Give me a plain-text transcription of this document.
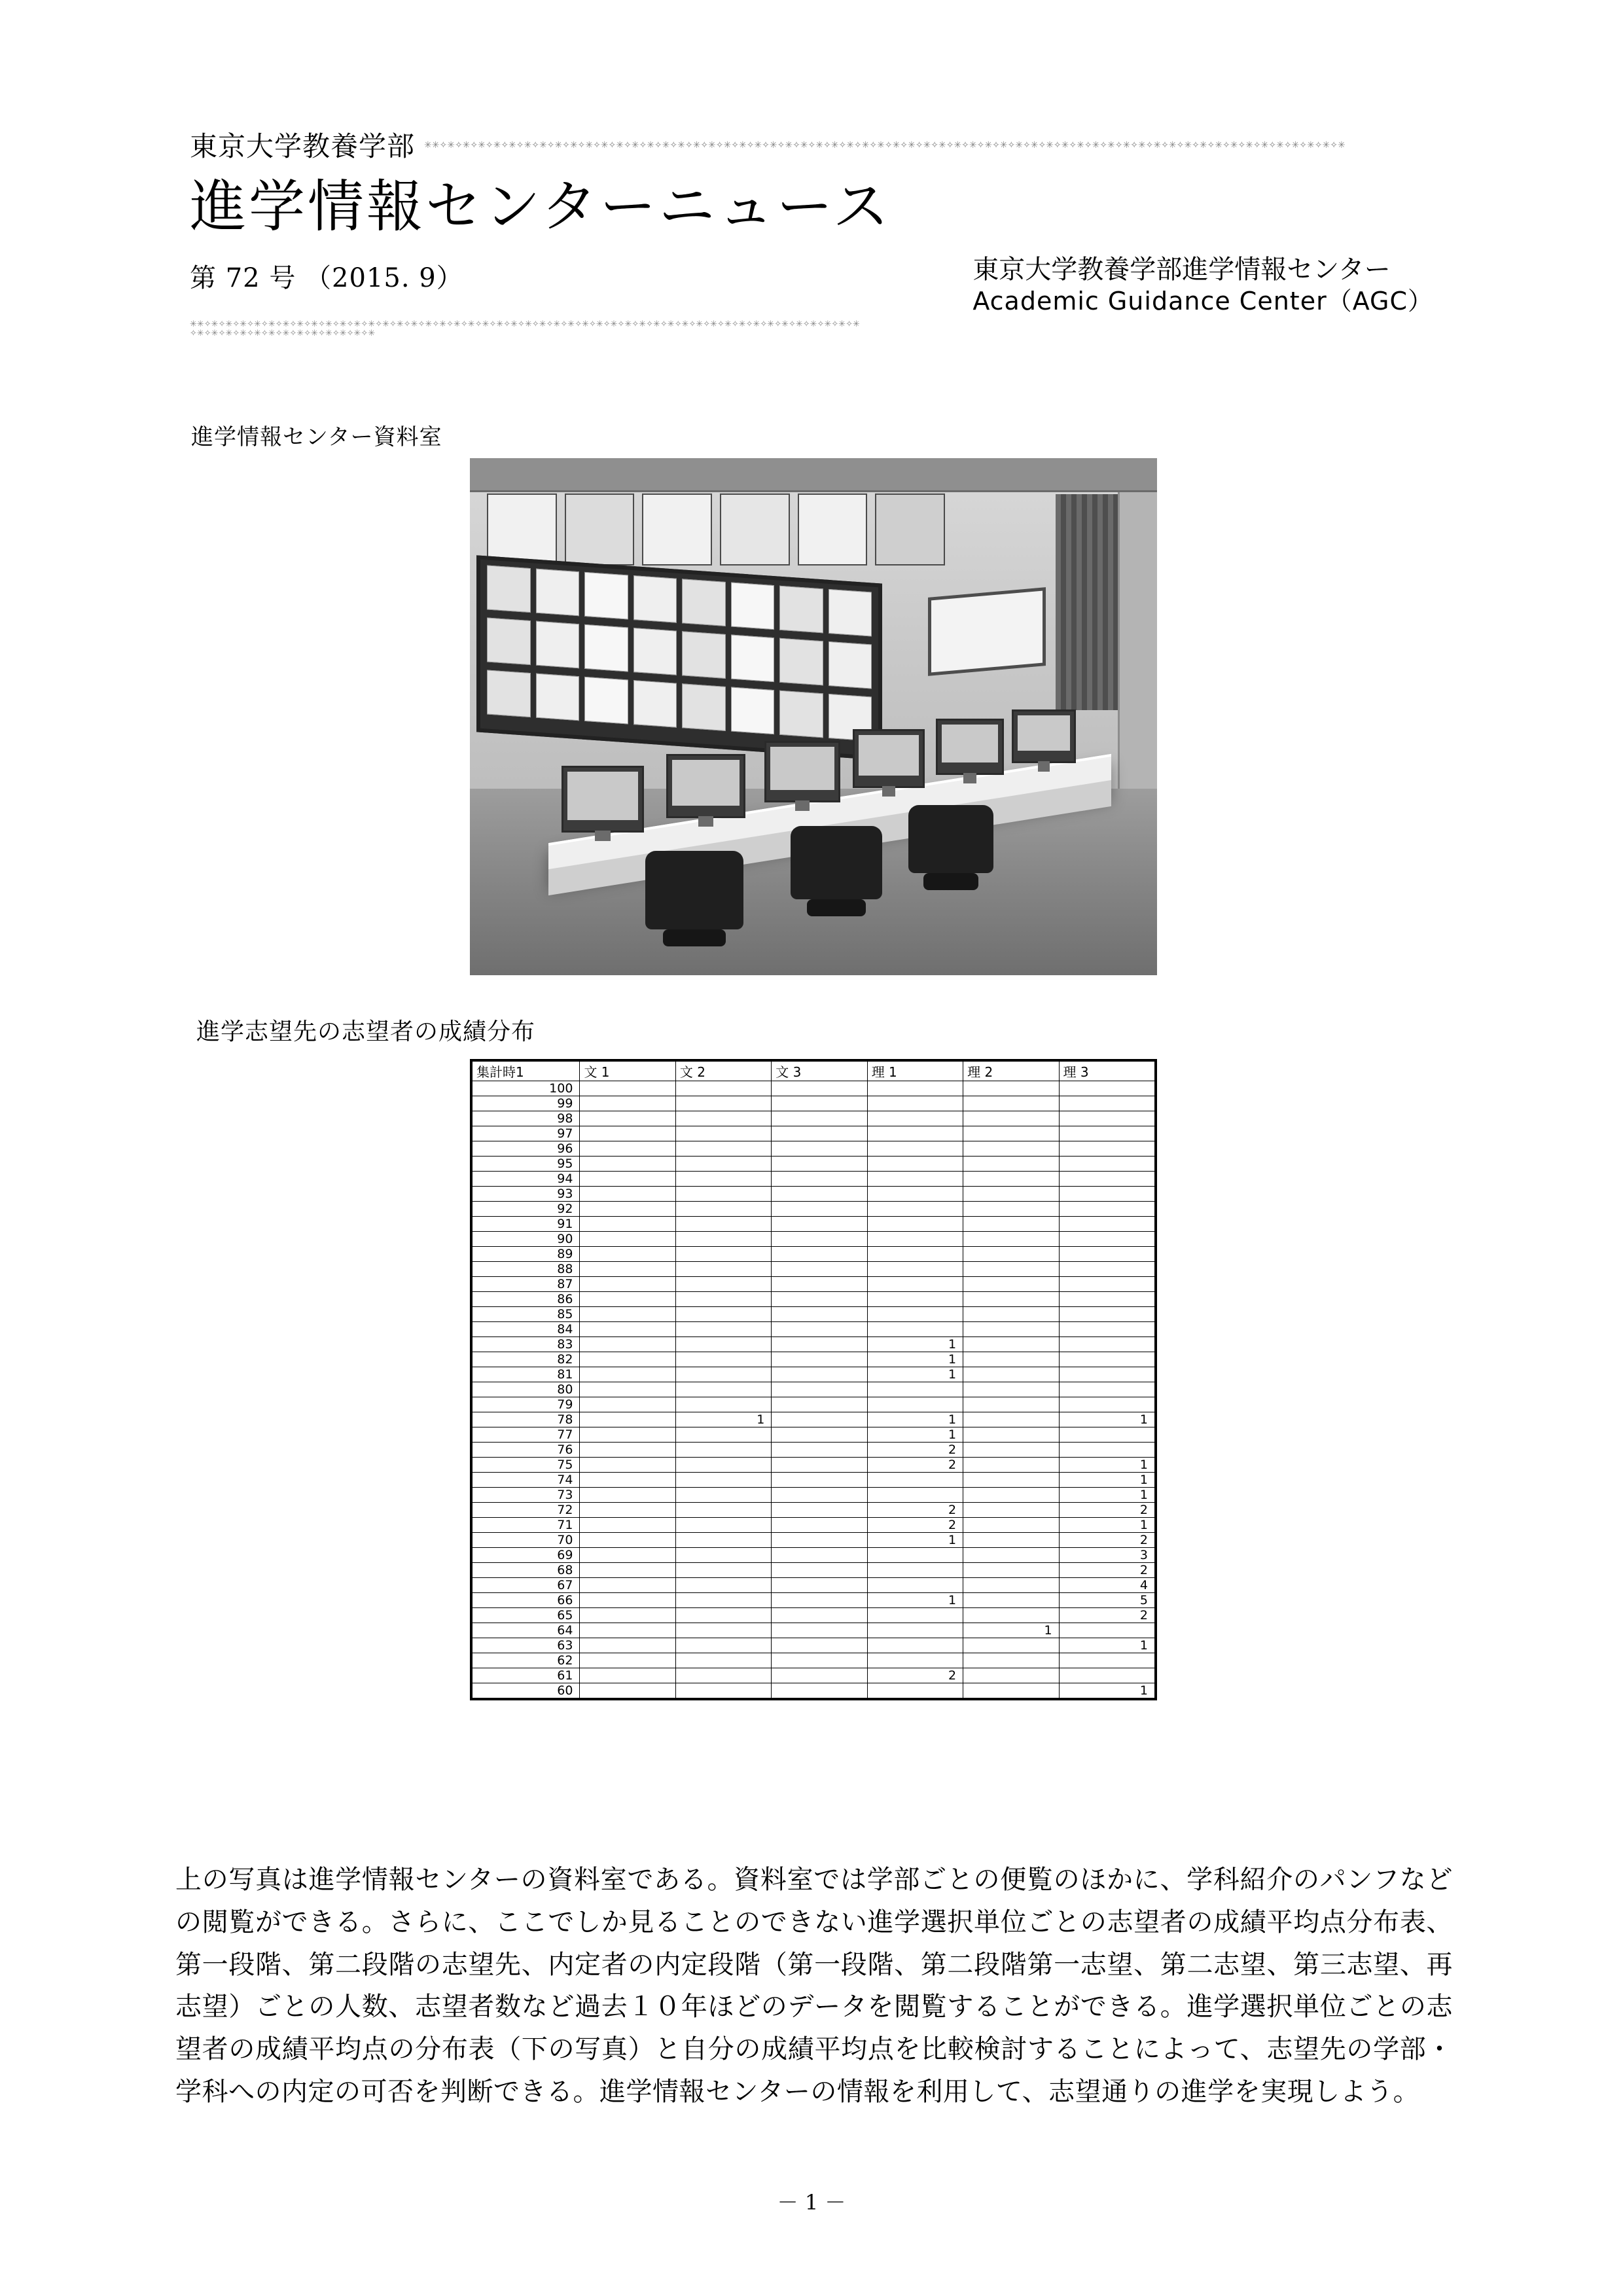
東京大学教養学部 ✳✳✧✳✧✳✧✳✧✳✧✳✧✳✧✳✧✳✧✳✧✳✧✳✧✳✧✳✧✳✧✳✧✳✧✳✧✳✧✳✧✳✧✳✧✳✧✳✧✳✧✳✧✳✧✳✧✳✧✳✧✳✧✳✧✳✧✳✧✳✧✳✧✳✧✳✧✳✧✳✧✳✧✳✧✳✧✳✧✳✧✳✧✳✧✳✧✳✧✳✧✳✧✳✧✳✧✳✧✳✧✳✧✳✧✳✧✳✧✳
進学情報センターニュース
第 72 号 （2015. 9）	東京大学教養学部進学情報センター
Academic Guidance Center（AGC）
✳✳✧✳✧✳✧✳✧✳✧✳✧✳✧✳✧✳✧✳✧✳✧✳✧✳✧✳✧✳✧✳✧✳✧✳✧✳✧✳✧✳✧✳✧✳✧✳✧✳✧✳✧✳✧✳✧✳✧✳✧✳✧✳✧✳✧✳✧✳✧✳✧✳✧✳✧✳✧✳✧✳✧✳✧✳✧✳✧✳✧✳✧✳✧✳✧✳✧✳✧✳✧✳✧✳✧✳✧✳✧✳✧✳✧✳✧✳✧✳
進学情報センター資料室
進学志望先の志望者の成績分布
集計時1	文 1	文 2	文 3	理 1	理 2	理 3
100						
99						
98						
97						
96						
95						
94						
93						
92						
91						
90						
89						
88						
87						
86						
85						
84						
83				1		
82				1		
81				1		
80						
79						
78		1		1		1
77				1		
76				2		
75				2		1
74						1
73						1
72				2		2
71				2		1
70				1		2
69						3
68						2
67						4
66				1		5
65						2
64					1	
63						1
62						
61				2		
60						1

上の写真は進学情報センターの資料室である。資料室では学部ごとの便覧のほかに、学科紹介のパンフなどの閲覧ができる。さらに、ここでしか見ることのできない進学選択単位ごとの志望者の成績平均点分布表、第一段階、第二段階の志望先、内定者の内定段階（第一段階、第二段階第一志望、第二志望、第三志望、再志望）ごとの人数、志望者数など過去１０年ほどのデータを閲覧することができる。進学選択単位ごとの志望者の成績平均点の分布表（下の写真）と自分の成績平均点を比較検討することによって、志望先の学部・学科への内定の可否を判断できる。進学情報センターの情報を利用して、志望通りの進学を実現しよう。

－ 1 －
